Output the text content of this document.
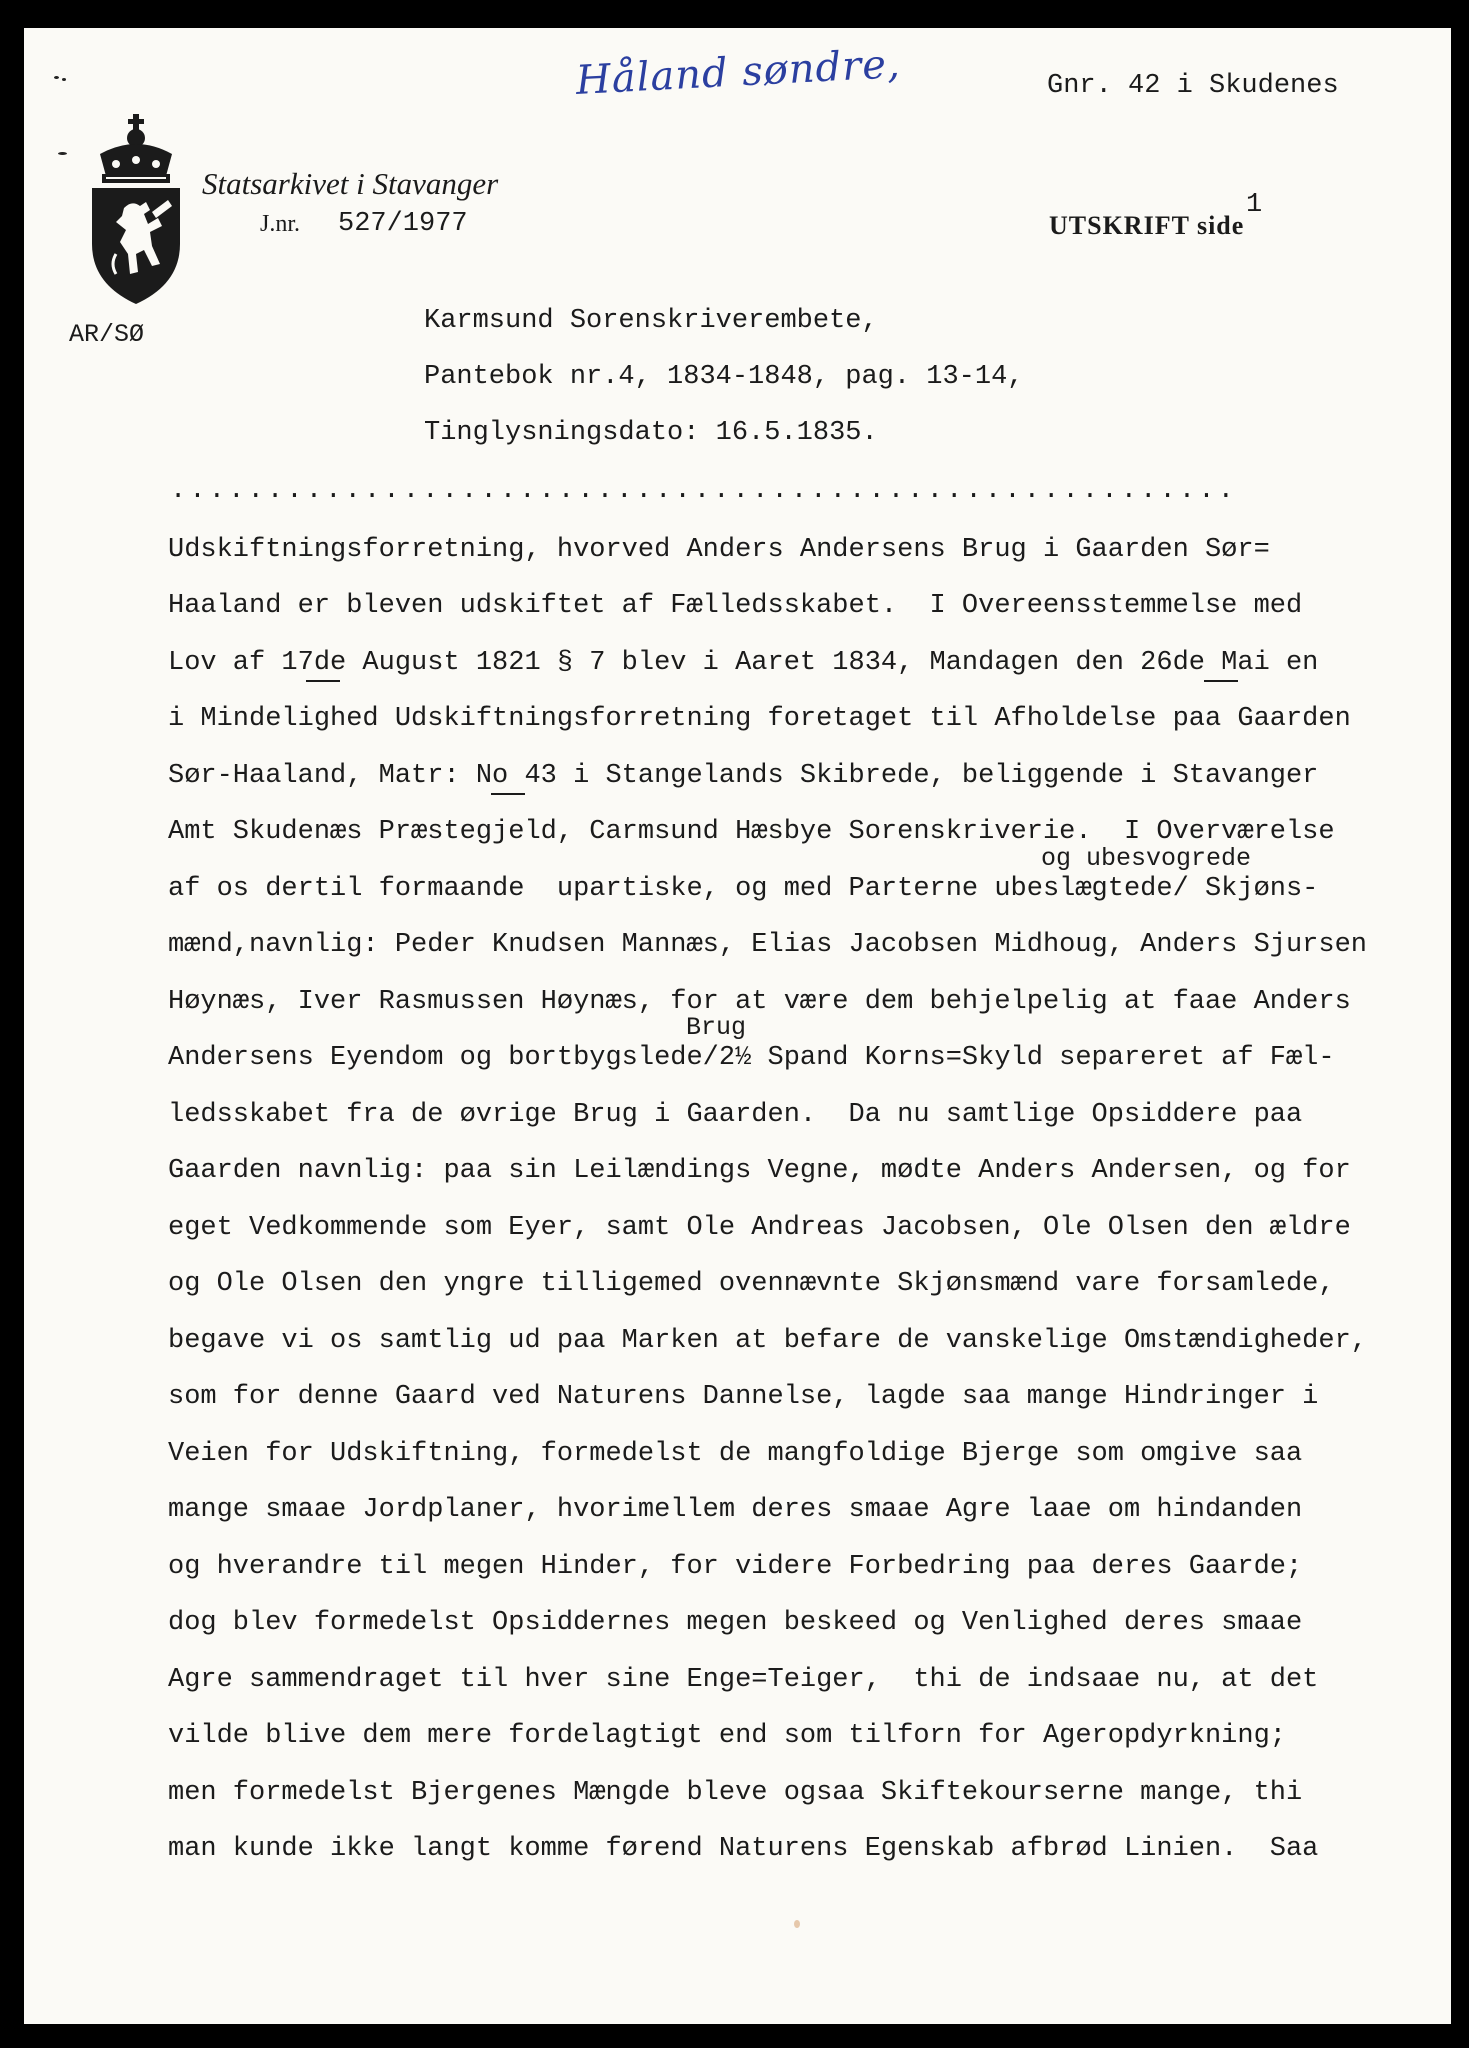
Håland søndre,	Gnr. 42 i Skudenes
Statsarkivet i Stavanger
J.nr. 527/1977	UTSKRIFT side

1
AR/SØ	Karmsund Sorenskriverembete,
Pantebok nr.4, 1834-1848, pag. 13-14,
Tinglysningsdato: 16.5.1835.
.......................................................
og ubesvogrede
Brug
Udskiftningsforretning, hvorved Anders Andersens Brug i Gaarden Sør=
Haaland er bleven udskiftet af Fælledsskabet.  I Overeensstemmelse med
Lov af 17de August 1821 § 7 blev i Aaret 1834, Mandagen den 26de Mai en
i Mindelighed Udskiftningsforretning foretaget til Afholdelse paa Gaarden
Sør-Haaland, Matr: No 43 i Stangelands Skibrede, beliggende i Stavanger
Amt Skudenæs Præstegjeld, Carmsund Hæsbye Sorenskriverie.  I Overværelse
af os dertil formaande  upartiske, og med Parterne ubeslægtede/ Skjøns-
mænd,navnlig: Peder Knudsen Mannæs, Elias Jacobsen Midhoug, Anders Sjursen
Høynæs, Iver Rasmussen Høynæs, for at være dem behjelpelig at faae Anders
Andersens Eyendom og bortbygslede/2½ Spand Korns=Skyld separeret af Fæl-
ledsskabet fra de øvrige Brug i Gaarden.  Da nu samtlige Opsiddere paa
Gaarden navnlig: paa sin Leilændings Vegne, mødte Anders Andersen, og for
eget Vedkommende som Eyer, samt Ole Andreas Jacobsen, Ole Olsen den ældre
og Ole Olsen den yngre tilligemed ovennævnte Skjønsmænd vare forsamlede,
begave vi os samtlig ud paa Marken at befare de vanskelige Omstændigheder,
som for denne Gaard ved Naturens Dannelse, lagde saa mange Hindringer i
Veien for Udskiftning, formedelst de mangfoldige Bjerge som omgive saa
mange smaae Jordplaner, hvorimellem deres smaae Agre laae om hindanden
og hverandre til megen Hinder, for videre Forbedring paa deres Gaarde;
dog blev formedelst Opsiddernes megen beskeed og Venlighed deres smaae
Agre sammendraget til hver sine Enge=Teiger,  thi de indsaae nu, at det
vilde blive dem mere fordelagtigt end som tilforn for Ageropdyrkning;
men formedelst Bjergenes Mængde bleve ogsaa Skiftekourserne mange, thi
man kunde ikke langt komme førend Naturens Egenskab afbrød Linien.  Saa
